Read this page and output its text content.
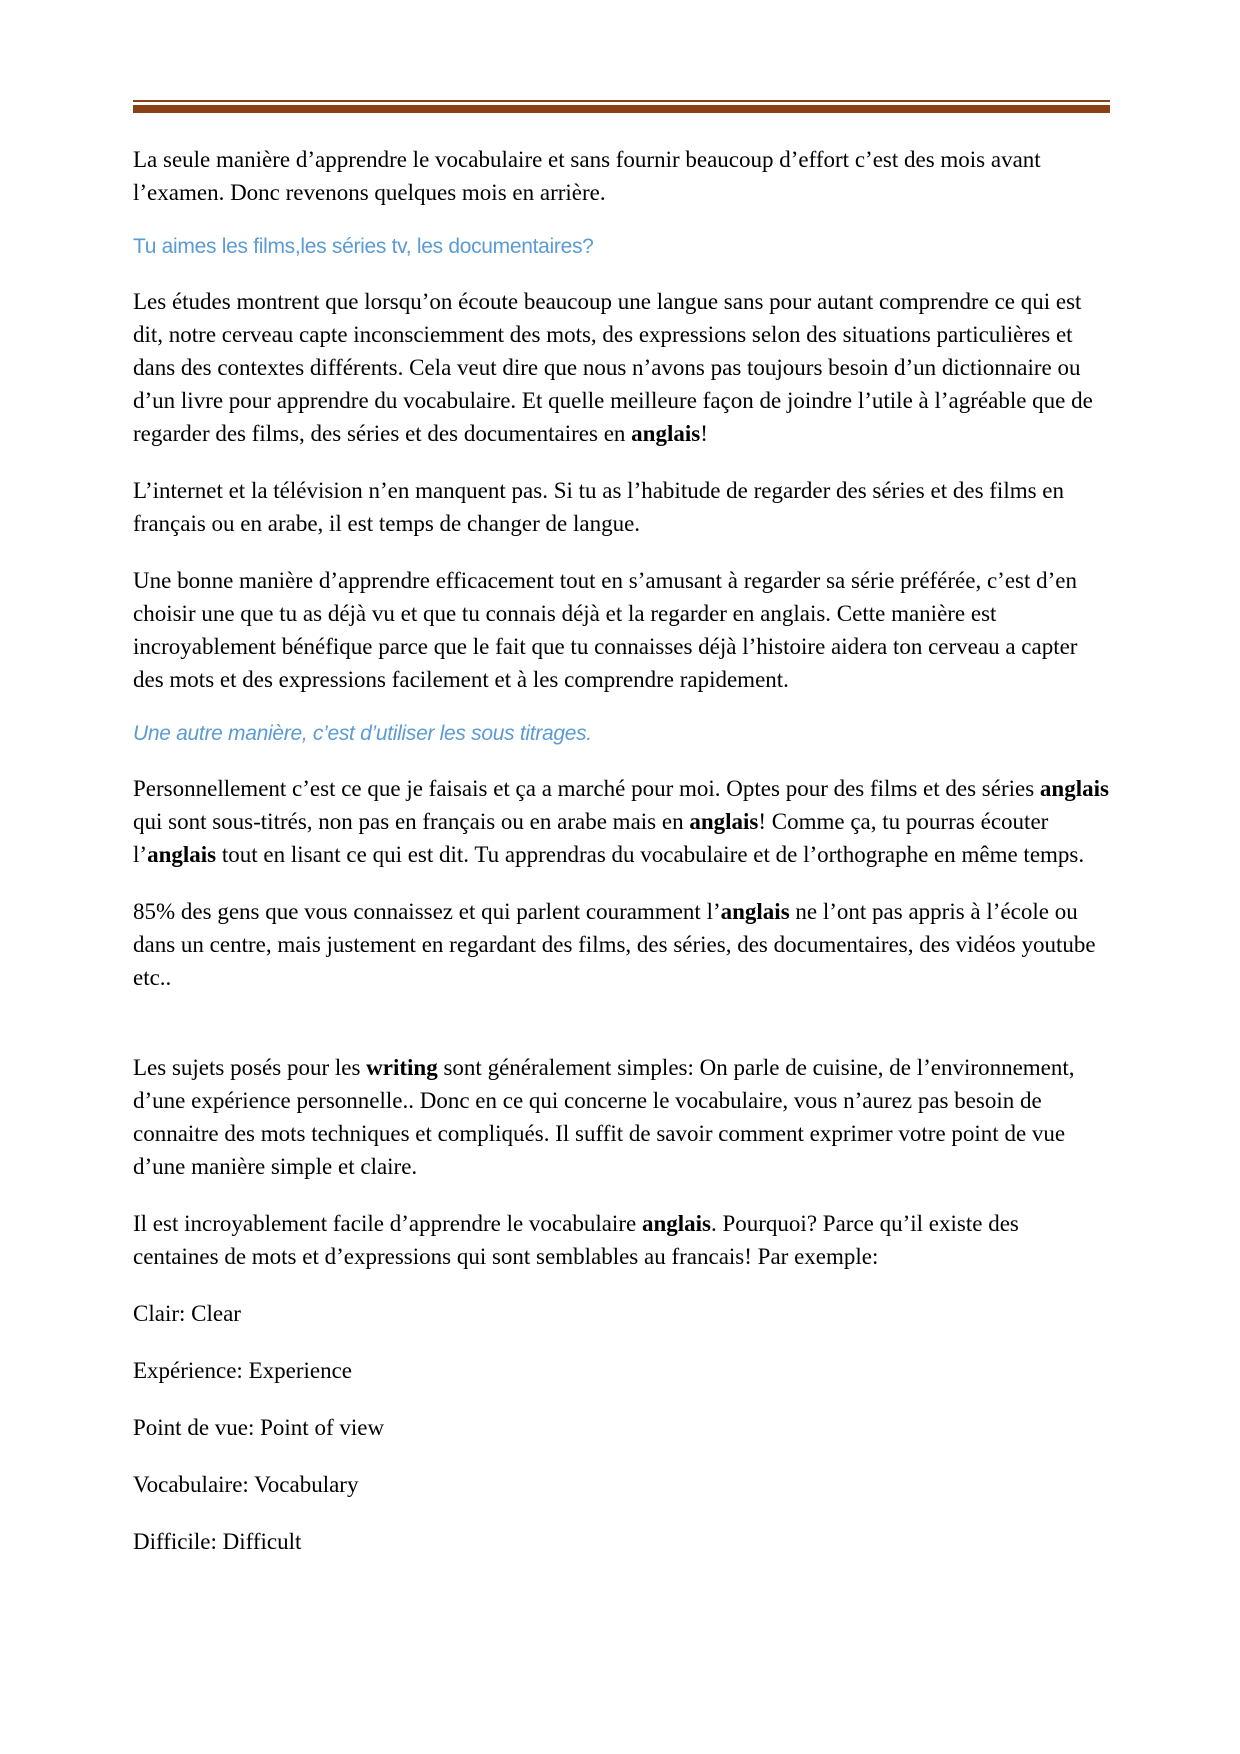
La seule manière d’apprendre le vocabulaire et sans fournir beaucoup d’effort c’est des mois avant l’examen. Donc revenons quelques mois en arrière.

Tu aimes les films,les séries tv, les documentaires?

Les études montrent que lorsqu’on écoute beaucoup une langue sans pour autant comprendre ce qui est dit, notre cerveau capte inconsciemment des mots, des expressions selon des situations particulières et dans des contextes différents. Cela veut dire que nous n’avons pas toujours besoin d’un dictionnaire ou d’un livre pour apprendre du vocabulaire. Et quelle meilleure façon de joindre l’utile à l’agréable que de regarder des films, des séries et des documentaires en anglais!

L’internet et la télévision n’en manquent pas. Si tu as l’habitude de regarder des séries et des films en français ou en arabe, il est temps de changer de langue.

Une bonne manière d’apprendre efficacement tout en s’amusant à regarder sa série préférée, c’est d’en choisir une que tu as déjà vu et que tu connais déjà et la regarder en anglais. Cette manière est incroyablement bénéfique parce que le fait que tu connaisses déjà l’histoire aidera ton cerveau a capter des mots et des expressions facilement et à les comprendre rapidement.

Une autre manière, c’est d’utiliser les sous titrages.

Personnellement c’est ce que je faisais et ça a marché pour moi. Optes pour des films et des séries anglais qui sont sous-titrés, non pas en français ou en arabe mais en anglais! Comme ça, tu pourras écouter l’anglais tout en lisant ce qui est dit. Tu apprendras du vocabulaire et de l’orthographe en même temps.

85% des gens que vous connaissez et qui parlent couramment l’anglais ne l’ont pas appris à l’école ou dans un centre, mais justement en regardant des films, des séries, des documentaires, des vidéos youtube etc..

Les sujets posés pour les writing sont généralement simples: On parle de cuisine, de l’environnement, d’une expérience personnelle.. Donc en ce qui concerne le vocabulaire, vous n’aurez pas besoin de connaitre des mots techniques et compliqués. Il suffit de savoir comment exprimer votre point de vue d’une manière simple et claire.

Il est incroyablement facile d’apprendre le vocabulaire anglais. Pourquoi? Parce qu’il existe des centaines de mots et d’expressions qui sont semblables au francais! Par exemple:

Clair: Clear

Expérience: Experience

Point de vue: Point of view

Vocabulaire: Vocabulary

Difficile: Difficult
